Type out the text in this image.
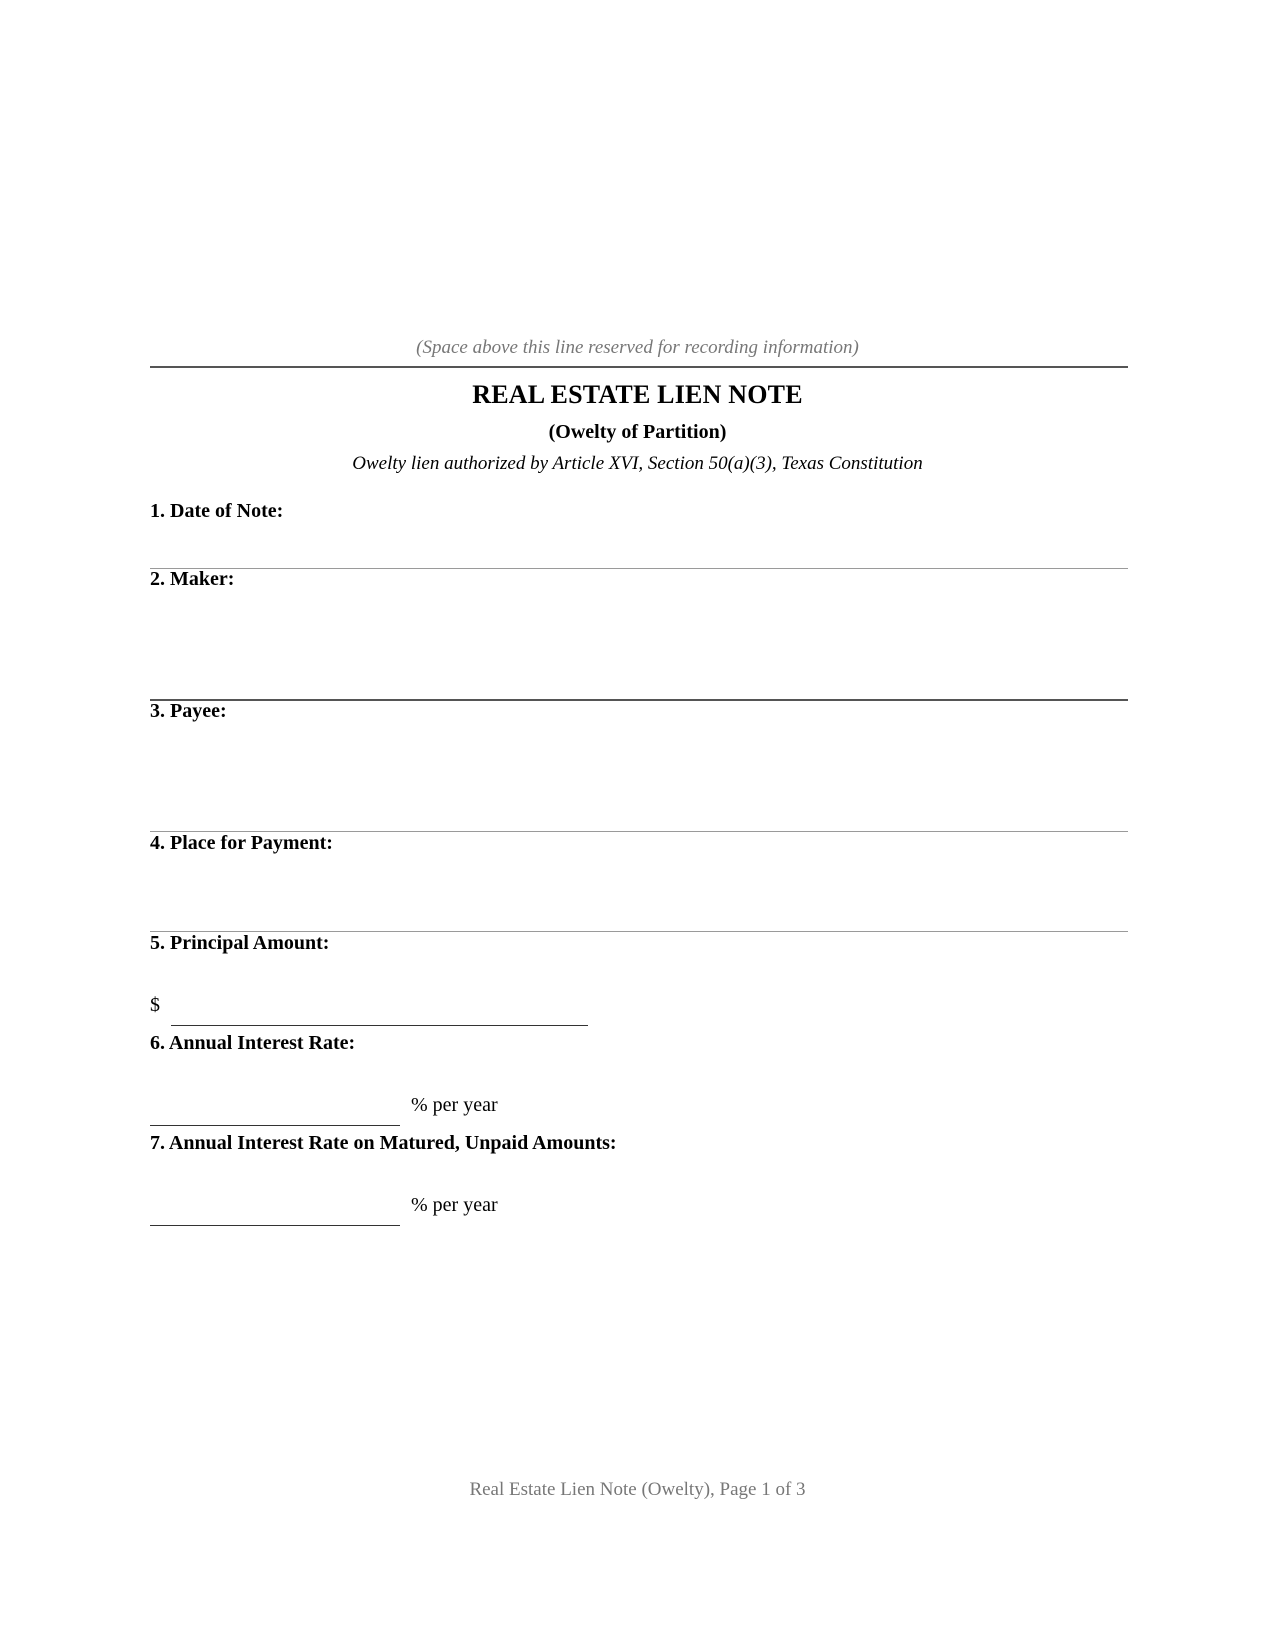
(Space above this line reserved for recording information)
REAL ESTATE LIEN NOTE
(Owelty of Partition)
Owelty lien authorized by Article XVI, Section 50(a)(3), Texas Constitution
1. Date of Note:
2. Maker:
3. Payee:
4. Place for Payment:
5. Principal Amount:
$
6. Annual Interest Rate:
% per year
7. Annual Interest Rate on Matured, Unpaid Amounts:
% per year
Real Estate Lien Note (Owelty), Page 1 of 3
